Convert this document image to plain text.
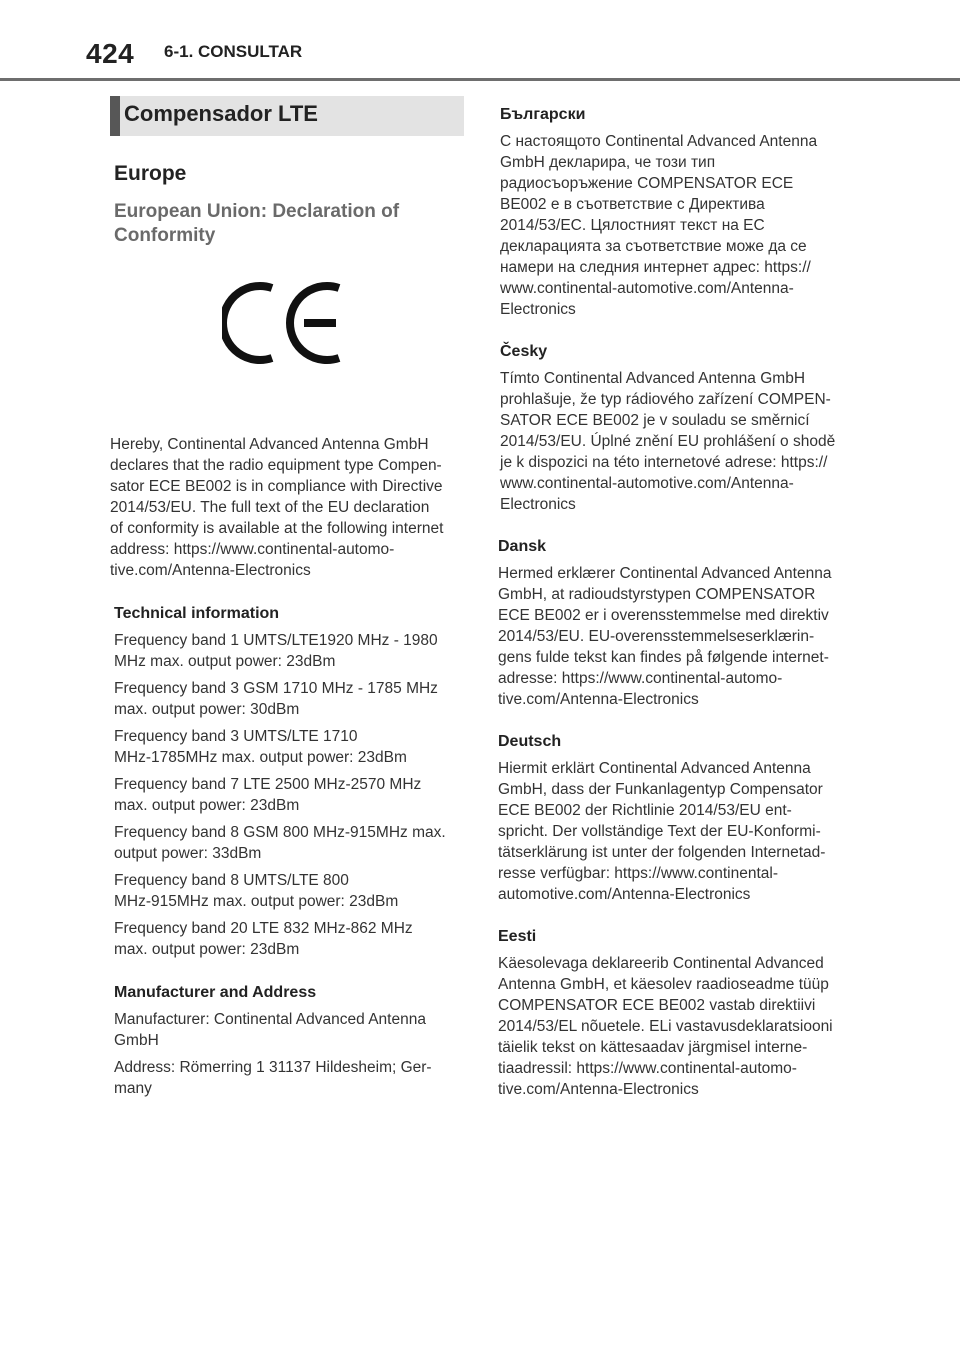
424 6-1. CONSULTAR
Compensador LTE
Europe
European Union: Declaration of Conformity

Hereby, Continental Advanced Antenna GmbH
declares that the radio equipment type Compen-
sator ECE BE002 is in compliance with Directive
2014/53/EU. The full text of the EU declaration
of conformity is available at the following internet
address: https://www.continental-automo-
tive.com/Antenna-Electronics

Technical information

Frequency band 1 UMTS/LTE1920 MHz - 1980
MHz max. output power: 23dBm

Frequency band 3 GSM 1710 MHz - 1785 MHz
max. output power: 30dBm

Frequency band 3 UMTS/LTE 1710
MHz-1785MHz max. output power: 23dBm

Frequency band 7 LTE 2500 MHz-2570 MHz
max. output power: 23dBm

Frequency band 8 GSM 800 MHz-915MHz max.
output power: 33dBm

Frequency band 8 UMTS/LTE 800
MHz-915MHz max. output power: 23dBm

Frequency band 20 LTE 832 MHz-862 MHz
max. output power: 23dBm

Manufacturer and Address

Manufacturer: Continental Advanced Antenna
GmbH

Address: Römerring 1 31137 Hildesheim; Ger-
many

Български

С настоящото Continental Advanced Antenna
GmbH декларира, че този тип
радиосъоръжение COMPENSATOR ECE
BE002 е в съответствие с Директива
2014/53/ЕС. Цялостният текст на ЕС
декларацията за съответствие може да се
намери на следния интернет адрес: https://
www.continental-automotive.com/Antenna-
Electronics

Česky

Tímto Continental Advanced Antenna GmbH
prohlašuje, že typ rádiového zařízení COMPEN-
SATOR ECE BE002 je v souladu se směrnicí
2014/53/EU. Úplné znění EU prohlášení o shodě
je k dispozici na této internetové adrese: https://
www.continental-automotive.com/Antenna-
Electronics

Dansk

Hermed erklærer Continental Advanced Antenna
GmbH, at radioudstyrstypen COMPENSATOR
ECE BE002 er i overensstemmelse med direktiv
2014/53/EU. EU-overensstemmelseserklærin-
gens fulde tekst kan findes på følgende internet-
adresse: https://www.continental-automo-
tive.com/Antenna-Electronics

Deutsch

Hiermit erklärt Continental Advanced Antenna
GmbH, dass der Funkanlagentyp Compensator
ECE BE002 der Richtlinie 2014/53/EU ent-
spricht. Der vollständige Text der EU-Konformi-
tätserklärung ist unter der folgenden Internetad-
resse verfügbar: https://www.continental-
automotive.com/Antenna-Electronics

Eesti

Käesolevaga deklareerib Continental Advanced
Antenna GmbH, et käesolev raadioseadme tüüp
COMPENSATOR ECE BE002 vastab direktiivi
2014/53/EL nõuetele. ELi vastavusdeklaratsiooni
täielik tekst on kättesaadav järgmisel interne-
tiaadressil: https://www.continental-automo-
tive.com/Antenna-Electronics
